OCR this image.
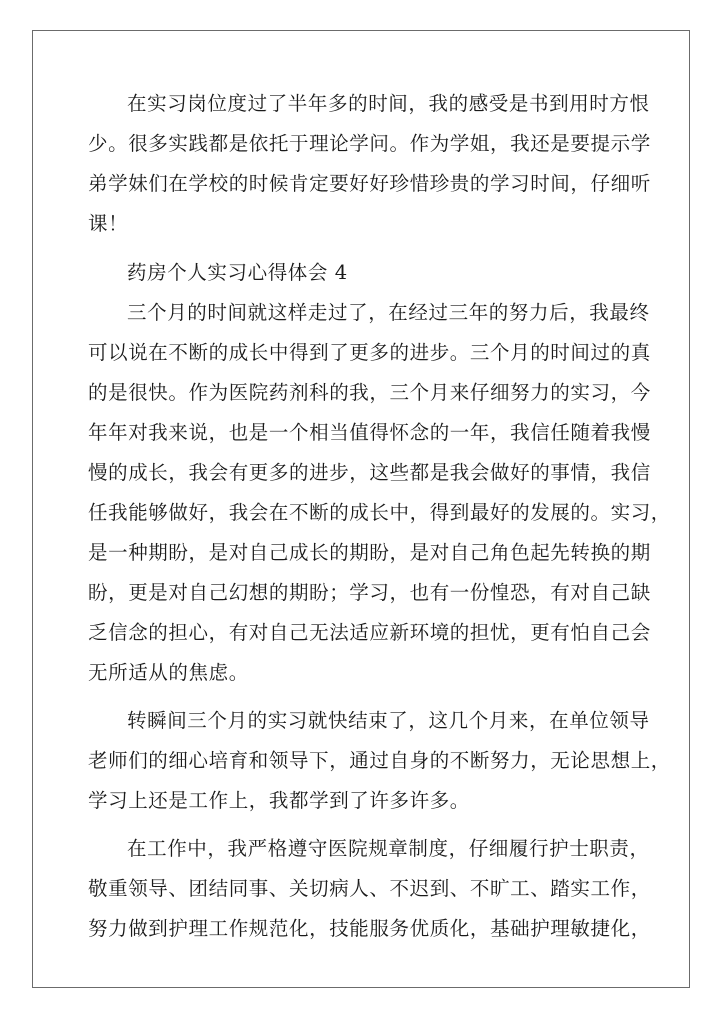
在实习岗位度过了半年多的时间，我的感受是书到用时方恨
少。很多实践都是依托于理论学问。作为学姐，我还是要提示学
弟学妹们在学校的时候肯定要好好珍惜珍贵的学习时间，仔细听
课！
药房个人实习心得体会 4
三个月的时间就这样走过了，在经过三年的努力后，我最终
可以说在不断的成长中得到了更多的进步。三个月的时间过的真
的是很快。作为医院药剂科的我，三个月来仔细努力的实习，今
年年对我来说，也是一个相当值得怀念的一年，我信任随着我慢
慢的成长，我会有更多的进步，这些都是我会做好的事情，我信
任我能够做好，我会在不断的成长中，得到最好的发展的。实习，
是一种期盼，是对自己成长的期盼，是对自己角色起先转换的期
盼，更是对自己幻想的期盼；学习，也有一份惶恐，有对自己缺
乏信念的担心，有对自己无法适应新环境的担忧，更有怕自己会
无所适从的焦虑。
转瞬间三个月的实习就快结束了，这几个月来，在单位领导
老师们的细心培育和领导下，通过自身的不断努力，无论思想上，
学习上还是工作上，我都学到了许多许多。
在工作中，我严格遵守医院规章制度，仔细履行护士职责，
敬重领导、团结同事、关切病人、不迟到、不旷工、踏实工作，
努力做到护理工作规范化，技能服务优质化，基础护理敏捷化，
